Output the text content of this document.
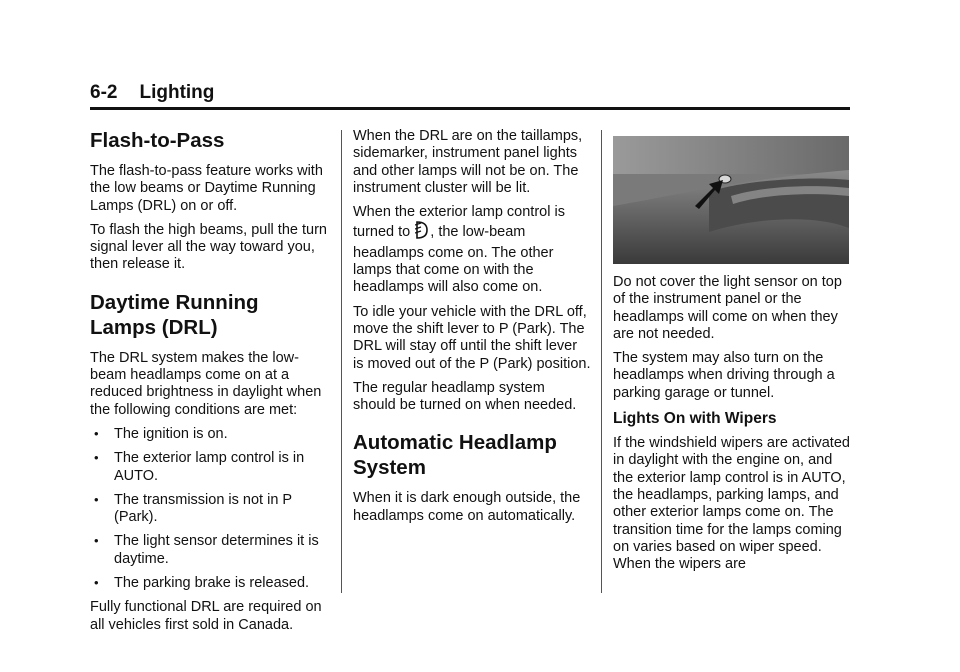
6-2 Lighting
Flash-to-Pass

The flash-to-pass feature works with the low beams or Daytime Running Lamps (DRL) on or off.

To flash the high beams, pull the turn signal lever all the way toward you, then release it.

Daytime Running Lamps (DRL)

The DRL system makes the low-beam headlamps come on at a reduced brightness in daylight when the following conditions are met:

• The ignition is on.
• The exterior lamp control is in AUTO.
• The transmission is not in P (Park).
• The light sensor determines it is daytime.
• The parking brake is released.

Fully functional DRL are required on all vehicles first sold in Canada.

When the DRL are on the taillamps, sidemarker, instrument panel lights and other lamps will not be on. The instrument cluster will be lit.

When the exterior lamp control is turned to , the low-beam headlamps come on. The other lamps that come on with the headlamps will also come on.

To idle your vehicle with the DRL off, move the shift lever to P (Park). The DRL will stay off until the shift lever is moved out of the P (Park) position.

The regular headlamp system should be turned on when needed.

Automatic Headlamp System

When it is dark enough outside, the headlamps come on automatically.

Do not cover the light sensor on top of the instrument panel or the headlamps will come on when they are not needed.

The system may also turn on the headlamps when driving through a parking garage or tunnel.

Lights On with Wipers

If the windshield wipers are activated in daylight with the engine on, and the exterior lamp control is in AUTO, the headlamps, parking lamps, and other exterior lamps come on. The transition time for the lamps coming on varies based on wiper speed. When the wipers are
